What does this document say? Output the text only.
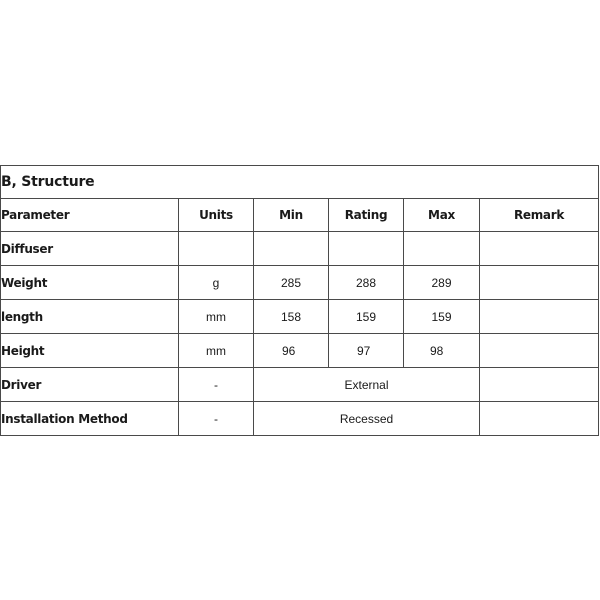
B, Structure					
Parameter	Units	Min	Rating	Max	Remark
Diffuser					
Weight	g	285	288	289	
length	mm	158	159	159	
Height	mm	96	97	98	
Driver	-	External			
Installation Method	-	Recessed			
